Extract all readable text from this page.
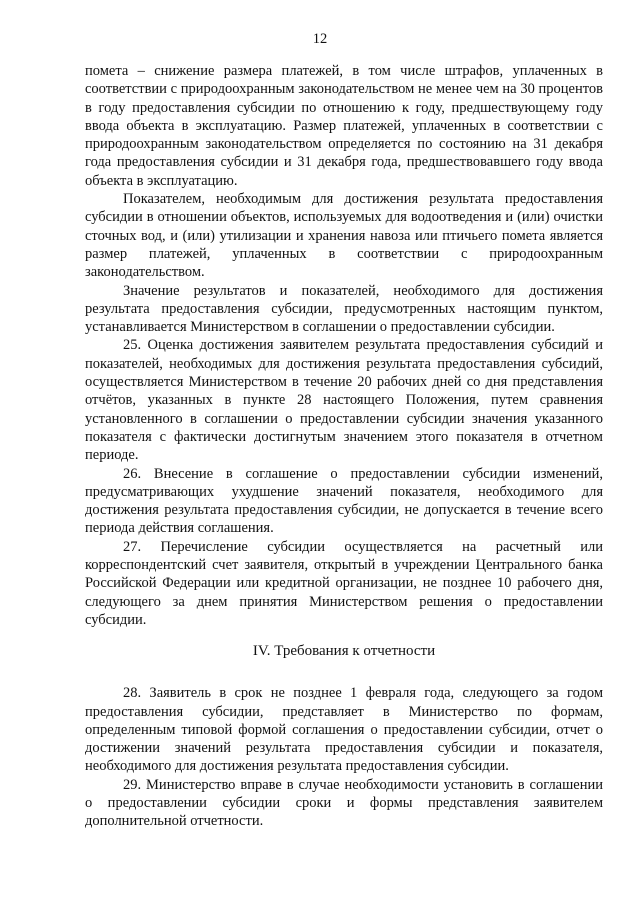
12

помета – снижение размера платежей, в том числе штрафов, уплаченных в соответствии с природоохранным законодательством не менее чем на 30 процентов в году предоставления субсидии по отношению к году, предшествующему году ввода объекта в эксплуатацию. Размер платежей, уплаченных в соответствии с природоохранным законодательством определяется по состоянию на 31 декабря года предоставления субсидии и 31 декабря года, предшествовавшего году ввода объекта в эксплуатацию.

Показателем, необходимым для достижения результата предоставления субсидии в отношении объектов, используемых для водоотведения и (или) очистки сточных вод, и (или) утилизации и хранения навоза или птичьего помета является размер платежей, уплаченных в соответствии с природоохранным законодательством.

Значение результатов и показателей, необходимого для достижения результата предоставления субсидии, предусмотренных настоящим пунктом, устанавливается Министерством в соглашении о предоставлении субсидии.

25. Оценка достижения заявителем результата предоставления субсидий и показателей, необходимых для достижения результата предоставления субсидий, осуществляется Министерством в течение 20 рабочих дней со дня представления отчётов, указанных в пункте 28 настоящего Положения, путем сравнения установленного в соглашении о предоставлении субсидии значения указанного показателя с фактически достигнутым значением этого показателя в отчетном периоде.

26. Внесение в соглашение о предоставлении субсидии изменений, предусматривающих ухудшение значений показателя, необходимого для достижения результата предоставления субсидии, не допускается в течение всего периода действия соглашения.

27. Перечисление субсидии осуществляется на расчетный или корреспондентский счет заявителя, открытый в учреждении Центрального банка Российской Федерации или кредитной организации, не позднее 10 рабочего дня, следующего за днем принятия Министерством решения о предоставлении субсидии.

IV. Требования к отчетности

28. Заявитель в срок не позднее 1 февраля года, следующего за годом предоставления субсидии, представляет в Министерство по формам, определенным типовой формой соглашения о предоставлении субсидии, отчет о достижении значений результата предоставления субсидии и показателя, необходимого для достижения результата предоставления субсидии.

29. Министерство вправе в случае необходимости установить в соглашении о предоставлении субсидии сроки и формы представления заявителем дополнительной отчетности.
